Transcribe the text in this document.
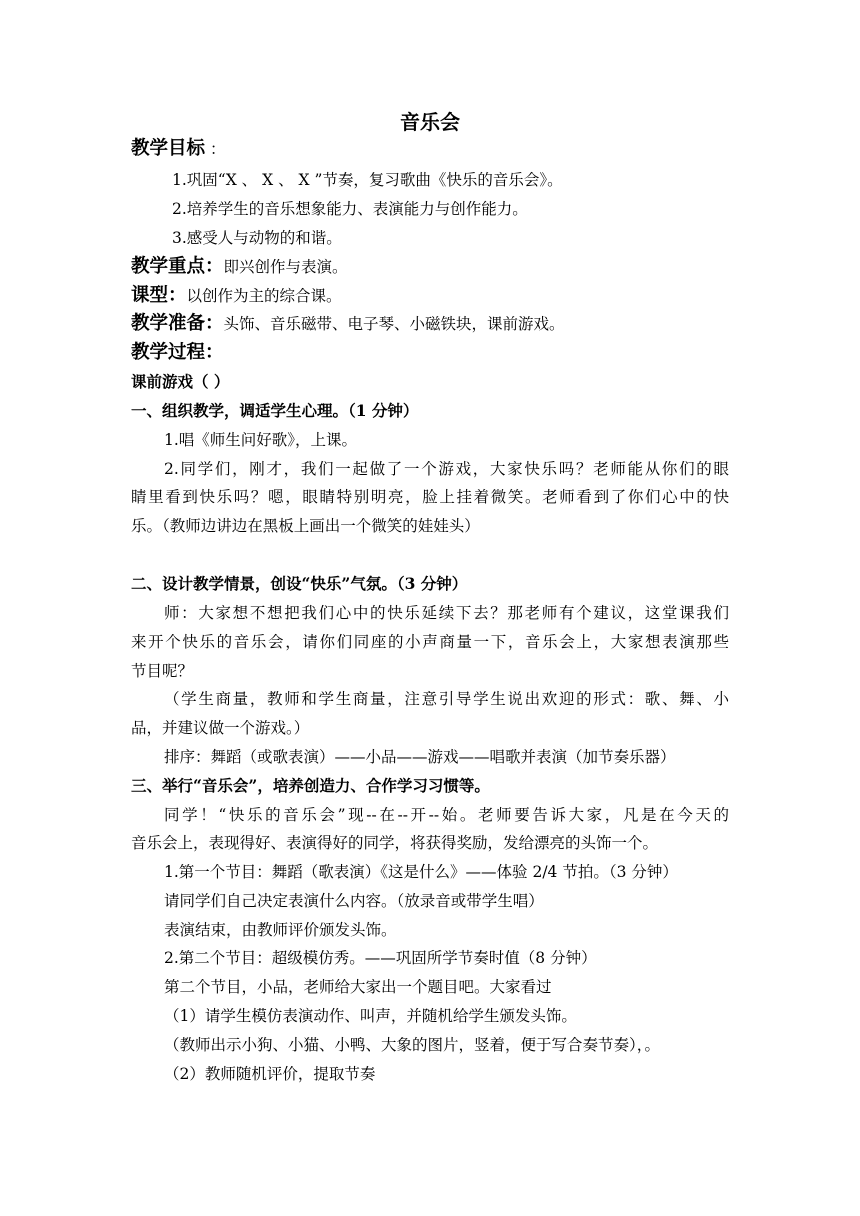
音乐会
教学目标 ：
1.巩固“X 、 X 、 X ”节奏，复习歌曲《快乐的音乐会》。
2.培养学生的音乐想象能力、表演能力与创作能力。
3.感受人与动物的和谐。
教学重点：即兴创作与表演。
课型：以创作为主的综合课。
教学准备：头饰、音乐磁带、电子琴、小磁铁块，课前游戏。
教学过程：
课前游戏（ ）
一、组织教学，调适学生心理。（1 分钟）
1.唱《师生问好歌》，上课。
2.同学们，刚才，我们一起做了一个游戏，大家快乐吗？老师能从你们的眼
睛里看到快乐吗？嗯，眼睛特别明亮，脸上挂着微笑。老师看到了你们心中的快
乐。（教师边讲边在黑板上画出一个微笑的娃娃头）
二、设计教学情景，创设“快乐”气氛。（3 分钟）
师：大家想不想把我们心中的快乐延续下去？那老师有个建议，这堂课我们
来开个快乐的音乐会，请你们同座的小声商量一下，音乐会上，大家想表演那些
节目呢？
（学生商量，教师和学生商量，注意引导学生说出欢迎的形式：歌、舞、小
品，并建议做一个游戏。）
排序：舞蹈（或歌表演）——小品——游戏——唱歌并表演（加节奏乐器）
三、举行“音乐会”，培养创造力、合作学习习惯等。
同学！“快乐的音乐会”现--在--开--始。老师要告诉大家，凡是在今天的
音乐会上，表现得好、表演得好的同学，将获得奖励，发给漂亮的头饰一个。
1.第一个节目：舞蹈（歌表演）《这是什么》——体验 2/4 节拍。（3 分钟）
请同学们自己决定表演什么内容。（放录音或带学生唱）
表演结束，由教师评价颁发头饰。
2.第二个节目：超级模仿秀。——巩固所学节奏时值（8 分钟）
第二个节目，小品，老师给大家出一个题目吧。大家看过
（1）请学生模仿表演动作、叫声，并随机给学生颁发头饰。
（教师出示小狗、小猫、小鸭、大象的图片，竖着，便于写合奏节奏），。
（2）教师随机评价，提取节奏
